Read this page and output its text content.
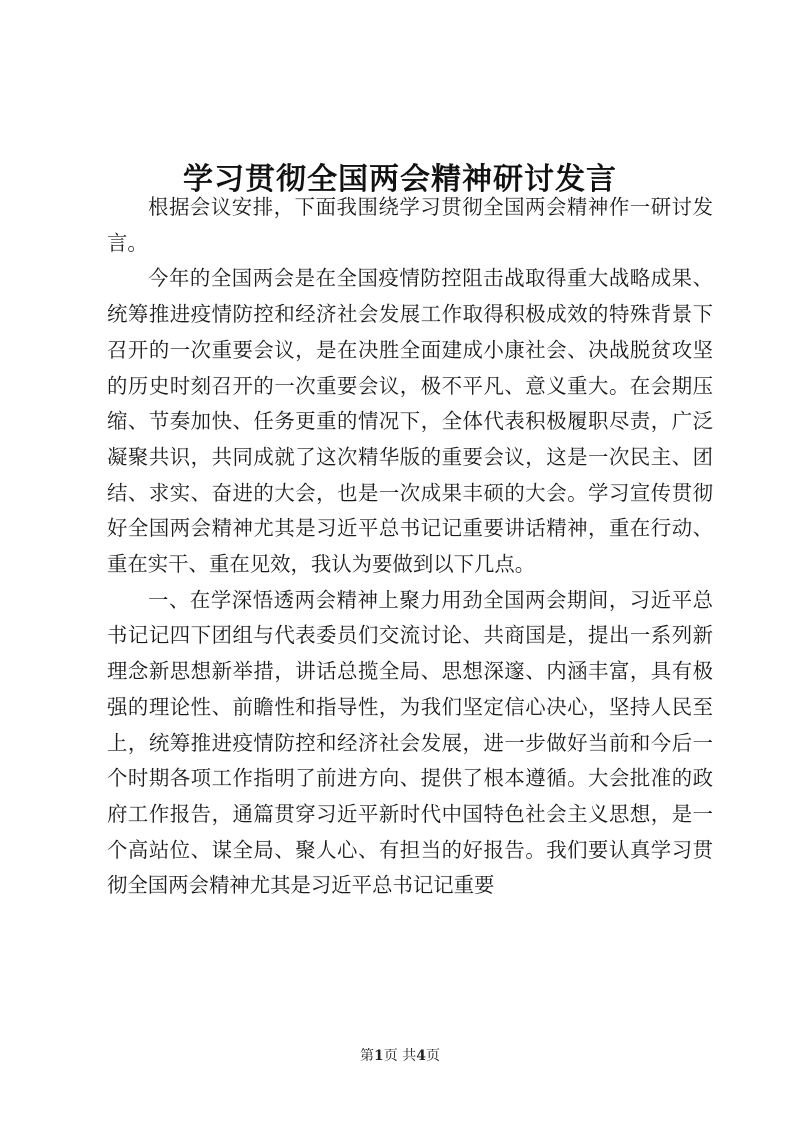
学习贯彻全国两会精神研讨发言

根据会议安排，下面我围绕学习贯彻全国两会精神作一研讨发言。

今年的全国两会是在全国疫情防控阻击战取得重大战略成果、统筹推进疫情防控和经济社会发展工作取得积极成效的特殊背景下召开的一次重要会议，是在决胜全面建成小康社会、决战脱贫攻坚的历史时刻召开的一次重要会议，极不平凡、意义重大。在会期压缩、节奏加快、任务更重的情况下，全体代表积极履职尽责，广泛凝聚共识，共同成就了这次精华版的重要会议，这是一次民主、团结、求实、奋进的大会，也是一次成果丰硕的大会。学习宣传贯彻好全国两会精神尤其是习近平总书记记重要讲话精神，重在行动、重在实干、重在见效，我认为要做到以下几点。

一、在学深悟透两会精神上聚力用劲全国两会期间，习近平总书记记四下团组与代表委员们交流讨论、共商国是，提出一系列新理念新思想新举措，讲话总揽全局、思想深邃、内涵丰富，具有极强的理论性、前瞻性和指导性，为我们坚定信心决心，坚持人民至上，统筹推进疫情防控和经济社会发展，进一步做好当前和今后一个时期各项工作指明了前进方向、提供了根本遵循。大会批准的政府工作报告，通篇贯穿习近平新时代中国特色社会主义思想，是一个高站位、谋全局、聚人心、有担当的好报告。我们要认真学习贯彻全国两会精神尤其是习近平总书记记重要

第1页 共4页
